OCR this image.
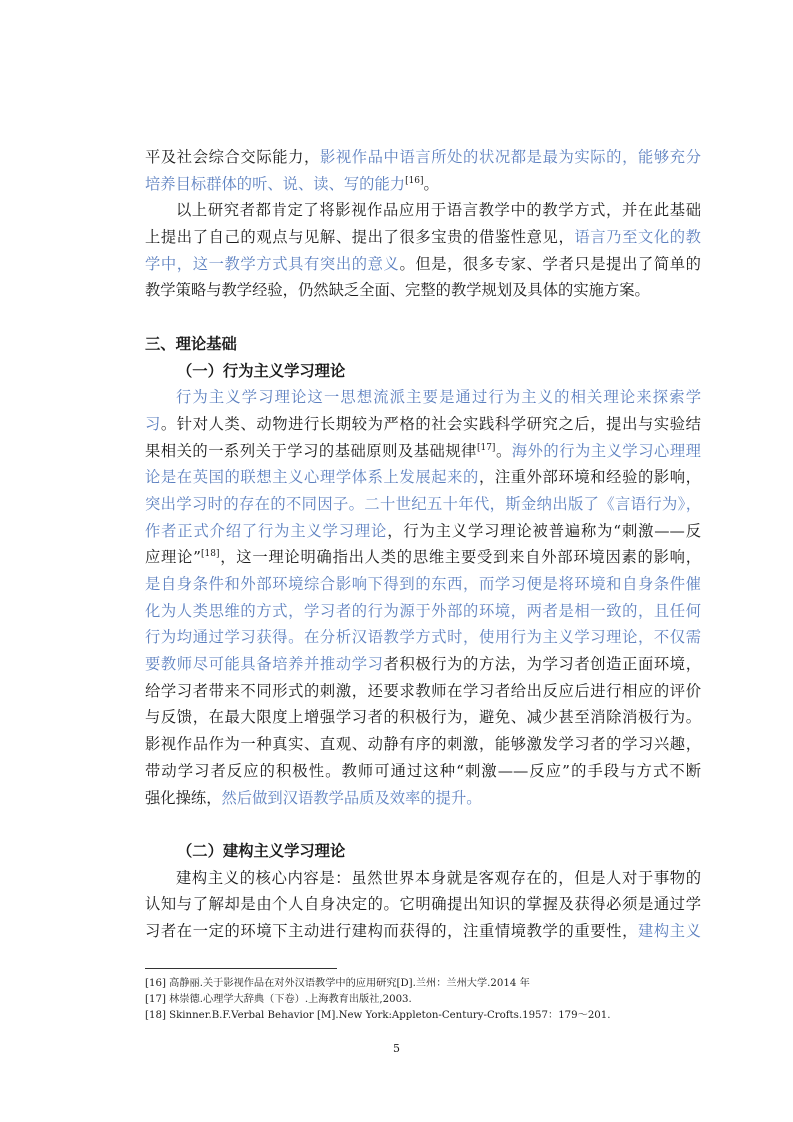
平及社会综合交际能力，影视作品中语言所处的状况都是最为实际的，能够充分
培养目标群体的听、说、读、写的能力[16]。
以上研究者都肯定了将影视作品应用于语言教学中的教学方式，并在此基础
上提出了自己的观点与见解、提出了很多宝贵的借鉴性意见，语言乃至文化的教
学中，这一教学方式具有突出的意义。但是，很多专家、学者只是提出了简单的
教学策略与教学经验，仍然缺乏全面、完整的教学规划及具体的实施方案。
三、理论基础
（一）行为主义学习理论
行为主义学习理论这一思想流派主要是通过行为主义的相关理论来探索学
习。针对人类、动物进行长期较为严格的社会实践科学研究之后，提出与实验结
果相关的一系列关于学习的基础原则及基础规律[17]。海外的行为主义学习心理理
论是在英国的联想主义心理学体系上发展起来的，注重外部环境和经验的影响，
突出学习时的存在的不同因子。二十世纪五十年代，斯金纳出版了《言语行为》，
作者正式介绍了行为主义学习理论，行为主义学习理论被普遍称为“刺激——反
应理论”[18]，这一理论明确指出人类的思维主要受到来自外部环境因素的影响，
是自身条件和外部环境综合影响下得到的东西，而学习便是将环境和自身条件催
化为人类思维的方式，学习者的行为源于外部的环境，两者是相一致的，且任何
行为均通过学习获得。在分析汉语教学方式时，使用行为主义学习理论，不仅需
要教师尽可能具备培养并推动学习者积极行为的方法，为学习者创造正面环境，
给学习者带来不同形式的刺激，还要求教师在学习者给出反应后进行相应的评价
与反馈，在最大限度上增强学习者的积极行为，避免、减少甚至消除消极行为。
影视作品作为一种真实、直观、动静有序的刺激，能够激发学习者的学习兴趣，
带动学习者反应的积极性。教师可通过这种“刺激——反应”的手段与方式不断
强化操练，然后做到汉语教学品质及效率的提升。
（二）建构主义学习理论
建构主义的核心内容是：虽然世界本身就是客观存在的，但是人对于事物的
认知与了解却是由个人自身决定的。它明确提出知识的掌握及获得必须是通过学
习者在一定的环境下主动进行建构而获得的，注重情境教学的重要性，建构主义
[16] 高静丽.关于影视作品在对外汉语教学中的应用研究[D].兰州：兰州大学.2014 年
[17] 林崇德.心理学大辞典（下卷）.上海教育出版社,2003.
[18] Skinner.B.F.Verbal Behavior [M].New York:Appleton-Century-Crofts.1957：179～201.
5
